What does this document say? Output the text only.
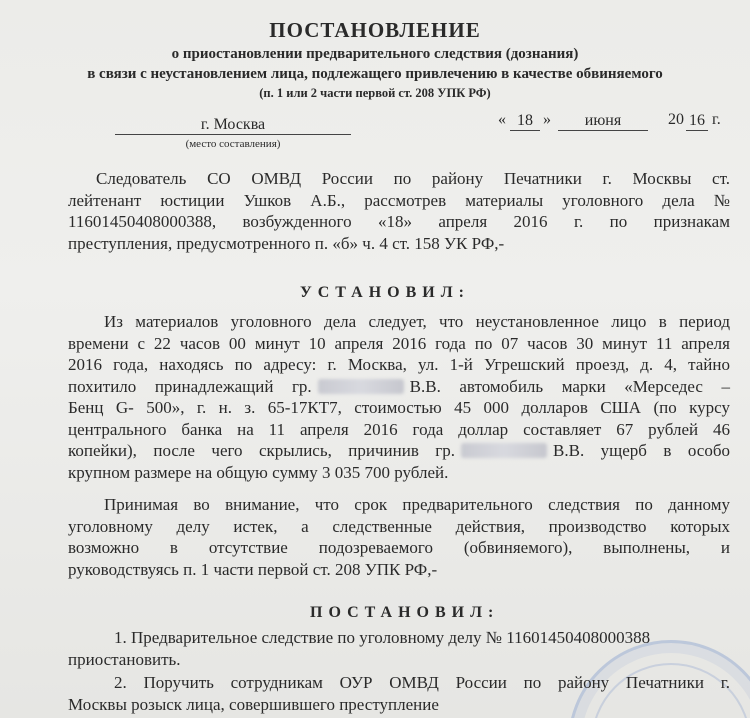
ПОСТАНОВЛЕНИЕ
о приостановлении предварительного следствия (дознания)
в связи с неустановлением лица, подлежащего привлечению в качестве обвиняемого
(п. 1 или 2 части первой ст. 208 УПК РФ)
г. Москва
(место составления)
« 18 »	июня	20 16 г.
Следователь СО ОМВД России по району Печатники г. Москвы ст.
лейтенант юстиции Ушков А.Б., рассмотрев материалы уголовного дела №
11601450408000388, возбужденного «18» апреля 2016 г. по признакам
преступления, предусмотренного п. «б» ч. 4 ст. 158 УК РФ,-
УСТАНОВИЛ:
Из материалов уголовного дела следует, что неустановленное лицо в период
времени с 22 часов 00 минут 10 апреля 2016 года по 07 часов 30 минут 11 апреля
2016 года, находясь по адресу: г. Москва, ул. 1-й Угрешский проезд, д. 4, тайно
похитило принадлежащий гр.	В.В. автомобиль марки «Мерседес –
Бенц G- 500», г. н. з. 65-17КТ7, стоимостью 45 000 долларов США (по курсу
центрального банка на 11 апреля 2016 года доллар составляет 67 рублей 46
копейки), после чего скрылись, причинив гр.	В.В. ущерб в особо
крупном размере на общую сумму 3 035 700 рублей.
Принимая во внимание, что срок предварительного следствия по данному
уголовному делу истек, а следственные действия, производство которых
возможно в отсутствие подозреваемого (обвиняемого), выполнены, и
руководствуясь п. 1 части первой ст. 208 УПК РФ,-
ПОСТАНОВИЛ:
1. Предварительное следствие по уголовному делу № 11601450408000388
приостановить.
2. Поручить сотрудникам ОУР ОМВД России по району Печатники г.
Москвы розыск лица, совершившего преступление
